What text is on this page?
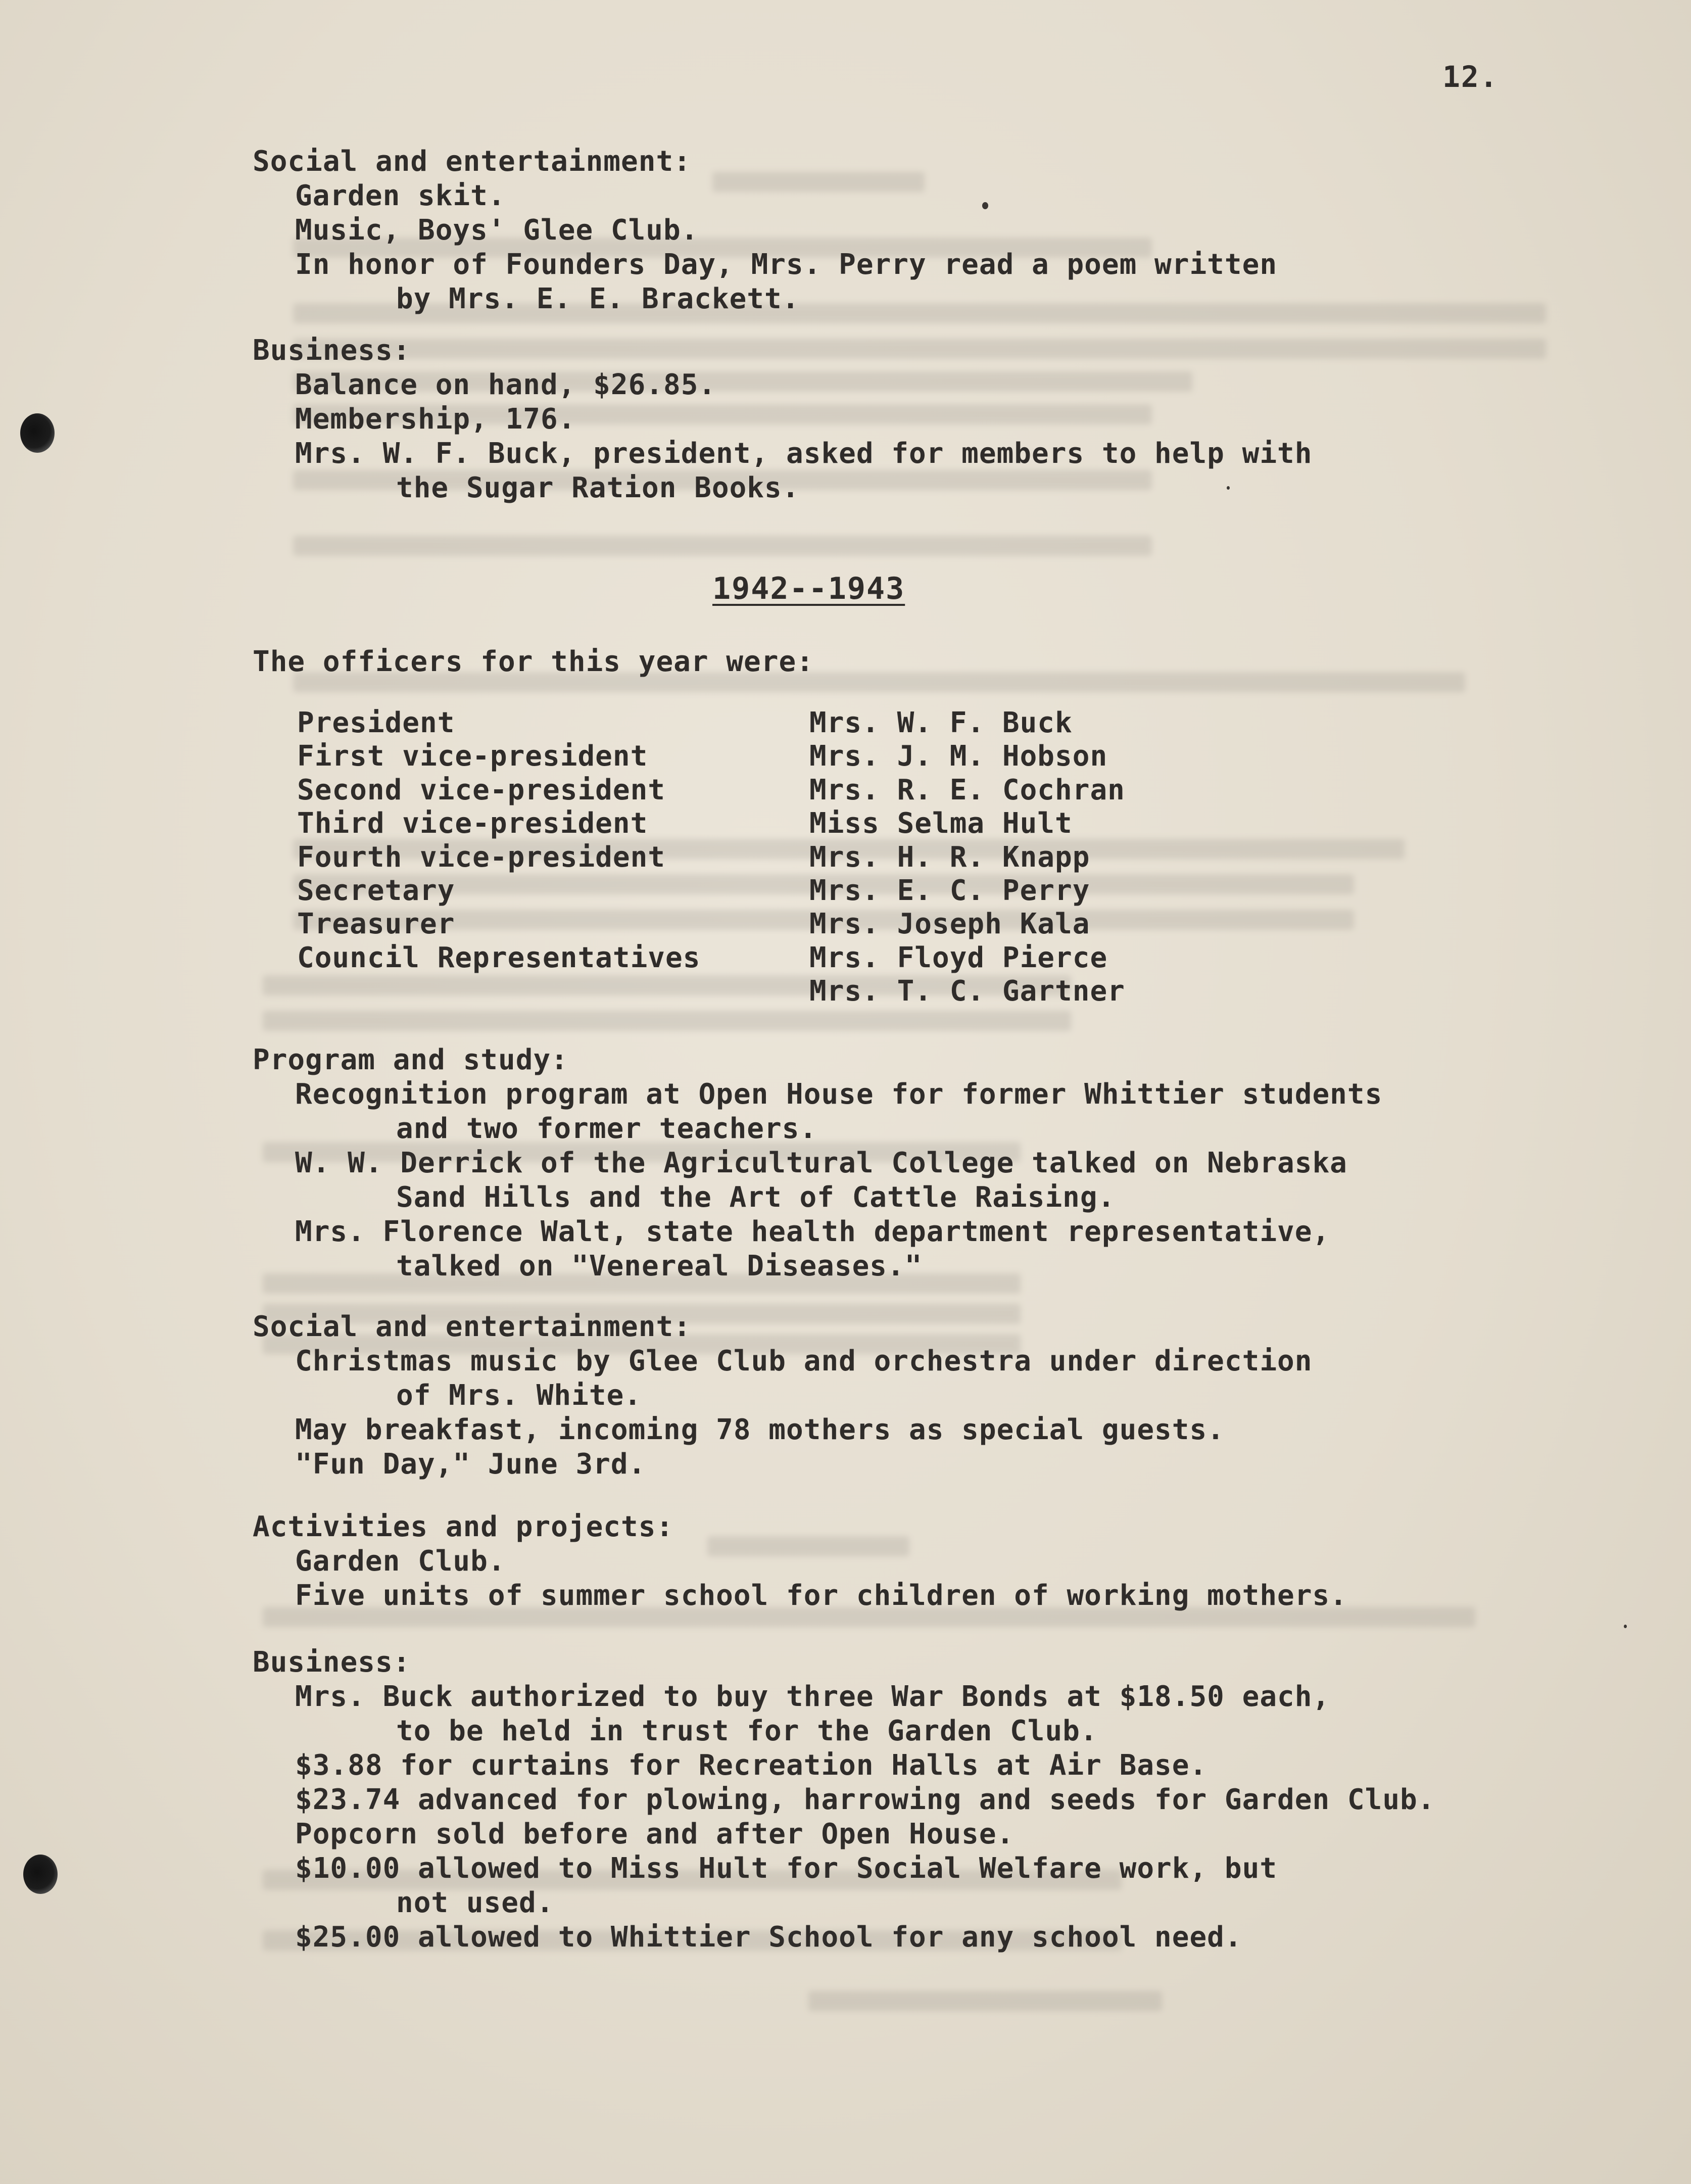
12.
Social and entertainment:
Garden skit.
Music, Boys' Glee Club.
In honor of Founders Day, Mrs. Perry read a poem written
by Mrs. E. E. Brackett.
Business:
Balance on hand, $26.85.
Membership, 176.
Mrs. W. F. Buck, president, asked for members to help with
the Sugar Ration Books.
1942--1943
The officers for this year were:
President	Mrs. W. F. Buck
First vice-president	Mrs. J. M. Hobson
Second vice-president	Mrs. R. E. Cochran
Third vice-president	Miss Selma Hult
Fourth vice-president	Mrs. H. R. Knapp
Secretary	Mrs. E. C. Perry
Treasurer	Mrs. Joseph Kala
Council Representatives	Mrs. Floyd Pierce
Mrs. T. C. Gartner
Program and study:
Recognition program at Open House for former Whittier students
and two former teachers.
W. W. Derrick of the Agricultural College talked on Nebraska
Sand Hills and the Art of Cattle Raising.
Mrs. Florence Walt, state health department representative,
talked on "Venereal Diseases."
Social and entertainment:
Christmas music by Glee Club and orchestra under direction
of Mrs. White.
May breakfast, incoming 78 mothers as special guests.
"Fun Day," June 3rd.
Activities and projects:
Garden Club.
Five units of summer school for children of working mothers.
Business:
Mrs. Buck authorized to buy three War Bonds at $18.50 each,
to be held in trust for the Garden Club.
$3.88 for curtains for Recreation Halls at Air Base.
$23.74 advanced for plowing, harrowing and seeds for Garden Club.
Popcorn sold before and after Open House.
$10.00 allowed to Miss Hult for Social Welfare work, but
not used.
$25.00 allowed to Whittier School for any school need.
